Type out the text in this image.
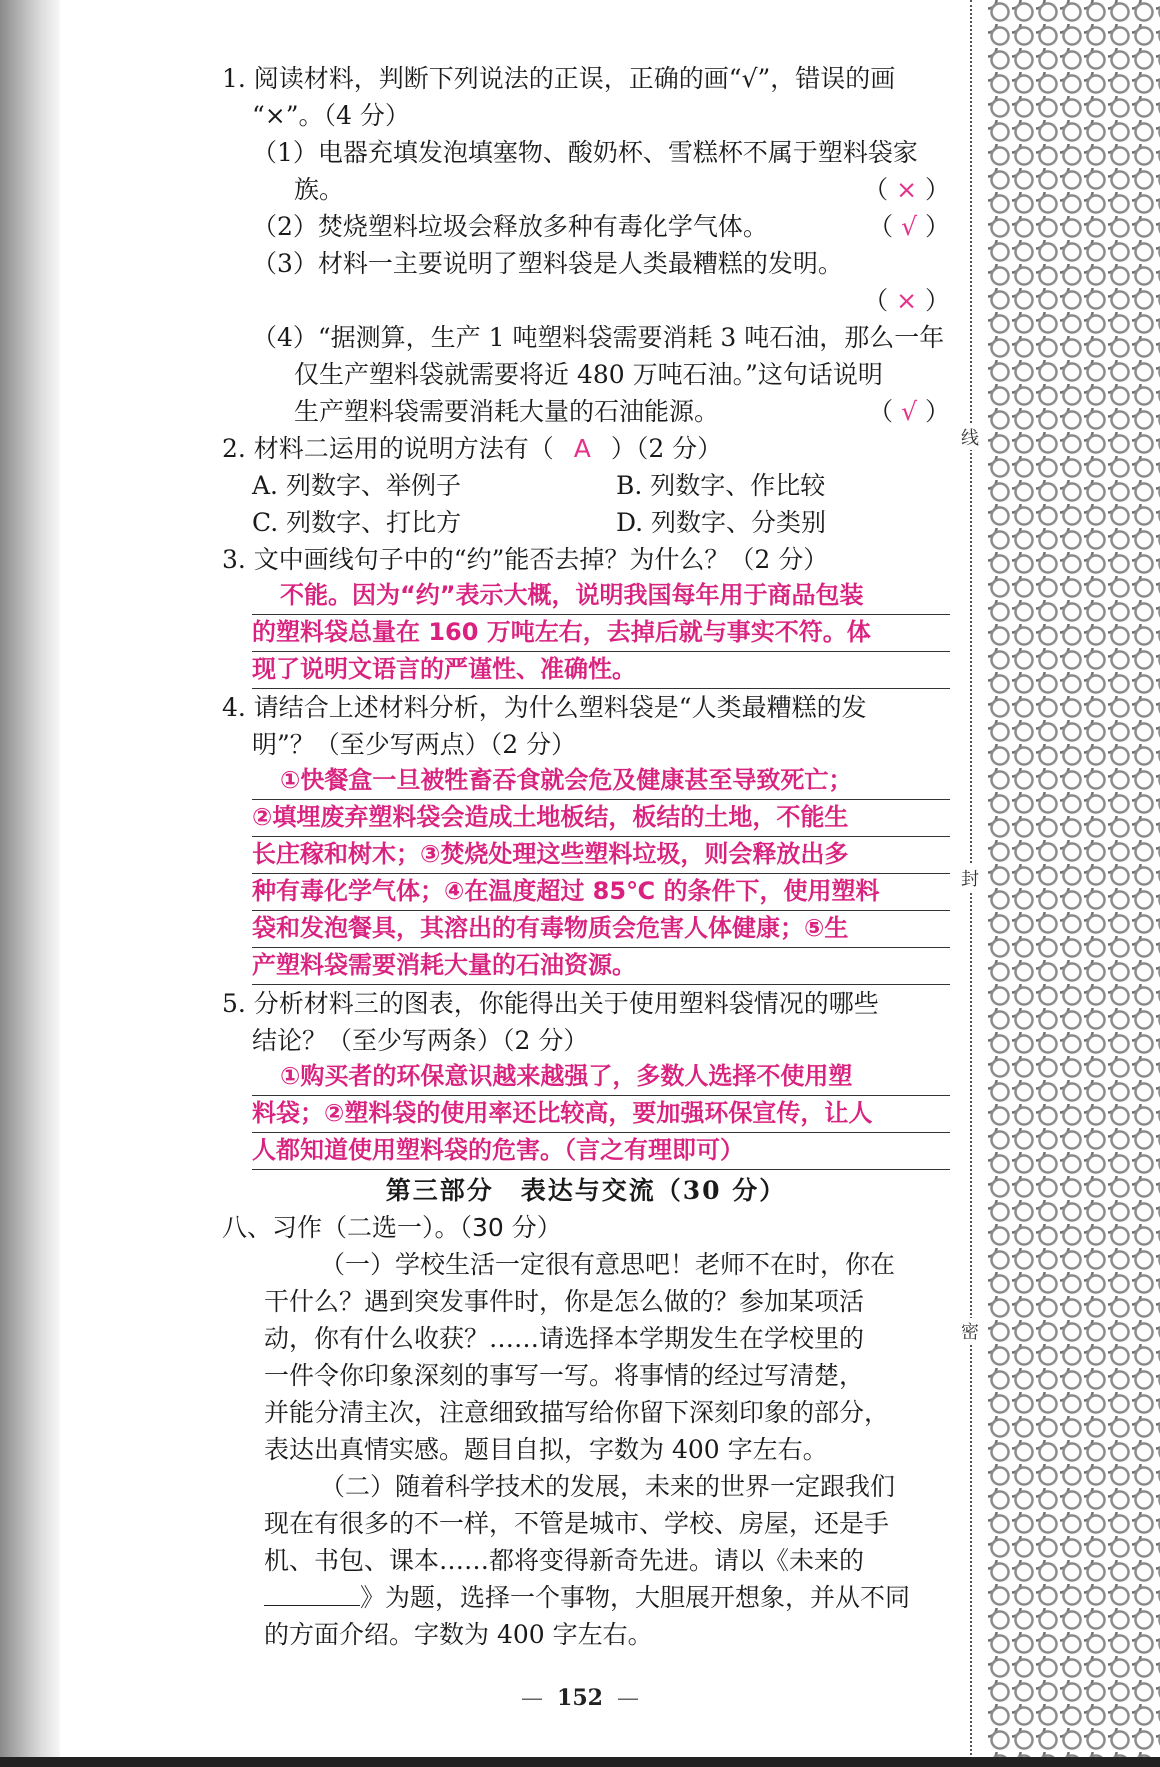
线
封
密
1. 阅读材料，判断下列说法的正误，正确的画“√”，错误的画
“×”。（4 分）
（1）电器充填发泡填塞物、酸奶杯、雪糕杯不属于塑料袋家
族。	（ × ）
（2）焚烧塑料垃圾会释放多种有毒化学气体。	（ √ ）
（3）材料一主要说明了塑料袋是人类最糟糕的发明。
（ × ）
（4）“据测算，生产 1 吨塑料袋需要消耗 3 吨石油，那么一年
仅生产塑料袋就需要将近 480 万吨石油。”这句话说明
生产塑料袋需要消耗大量的石油能源。	（ √ ）
2. 材料二运用的说明方法有（ A ）（2 分）
A. 列数字、举例子	B. 列数字、作比较
C. 列数字、打比方	D. 列数字、分类别
3. 文中画线句子中的“约”能否去掉？为什么？（2 分）
不能。因为“约”表示大概，说明我国每年用于商品包装
的塑料袋总量在 160 万吨左右，去掉后就与事实不符。体
现了说明文语言的严谨性、准确性。
4. 请结合上述材料分析，为什么塑料袋是“人类最糟糕的发
明”？（至少写两点）（2 分）
①快餐盒一旦被牲畜吞食就会危及健康甚至导致死亡；
②填埋废弃塑料袋会造成土地板结，板结的土地，不能生
长庄稼和树木；③焚烧处理这些塑料垃圾，则会释放出多
种有毒化学气体；④在温度超过 85℃ 的条件下，使用塑料
袋和发泡餐具，其溶出的有毒物质会危害人体健康；⑤生
产塑料袋需要消耗大量的石油资源。
5. 分析材料三的图表，你能得出关于使用塑料袋情况的哪些
结论？（至少写两条）（2 分）
①购买者的环保意识越来越强了，多数人选择不使用塑
料袋；②塑料袋的使用率还比较高，要加强环保宣传，让人
人都知道使用塑料袋的危害。（言之有理即可）
第三部分　表达与交流（30 分）
八、习作（二选一）。（30 分）
（一）学校生活一定很有意思吧！老师不在时，你在
干什么？遇到突发事件时，你是怎么做的？参加某项活
动，你有什么收获？……请选择本学期发生在学校里的
一件令你印象深刻的事写一写。将事情的经过写清楚，
并能分清主次，注意细致描写给你留下深刻印象的部分，
表达出真情实感。题目自拟，字数为 400 字左右。
（二）随着科学技术的发展，未来的世界一定跟我们
现在有很多的不一样，不管是城市、学校、房屋，还是手
机、书包、课本……都将变得新奇先进。请以《未来的
》为题，选择一个事物，大胆展开想象，并从不同
的方面介绍。字数为 400 字左右。
— 152 —
